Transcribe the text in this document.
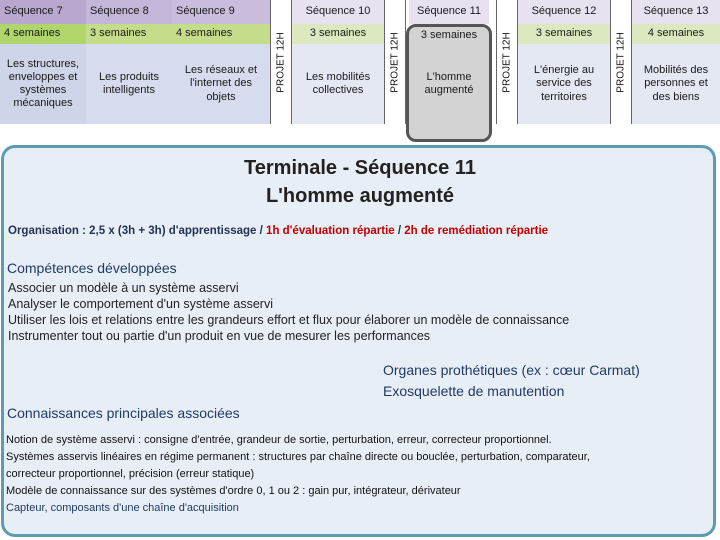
Séquence 7
4 semaines
Les structures, enveloppes et systèmes mécaniques
Séquence 8
3 semaines
Les produits intelligents
Séquence 9
4 semaines
Les réseaux et l'internet des objets
PROJET 12H
Séquence 10
3 semaines
Les mobilités collectives	PROJET 12H
Séquence 11
3 semaines
L'homme augmenté	PROJET 12H
Séquence 12
3 semaines
L'énergie au service des territoires
PROJET 12H
Séquence 13
4 semaines
Mobilités des personnes et des biens
Terminale - Séquence 11
L'homme augmenté
Organisation : 2,5 x (3h + 3h) d'apprentissage / 1h d'évaluation répartie / 2h de remédiation répartie
Compétences développées
Associer un modèle à un système asservi
Analyser le comportement d'un système asservi
Utiliser les lois et relations entre les grandeurs effort et flux pour élaborer un modèle de connaissance
Instrumenter tout ou partie d'un produit en vue de mesurer les performances
Organes prothétiques (ex : cœur Carmat)
Exosquelette de manutention
Connaissances principales associées
Notion de système asservi : consigne d'entrée, grandeur de sortie, perturbation, erreur, correcteur proportionnel.
Systèmes asservis linéaires en régime permanent : structures par chaîne directe ou bouclée, perturbation, comparateur,
correcteur proportionnel, précision (erreur statique)
Modèle de connaissance sur des systèmes d'ordre 0, 1 ou 2 : gain pur, intégrateur, dérivateur
Capteur, composants d'une chaîne d'acquisition
